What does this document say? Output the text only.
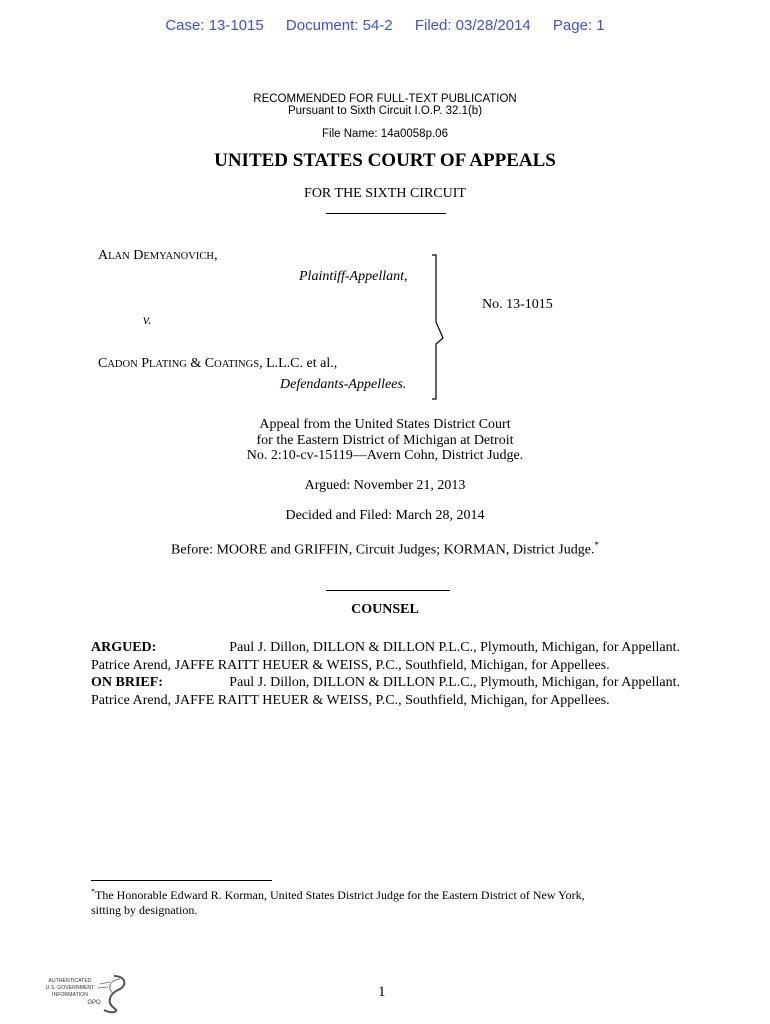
Case: 13-1015 Document: 54-2 Filed: 03/28/2014 Page: 1
RECOMMENDED FOR FULL-TEXT PUBLICATION
Pursuant to Sixth Circuit I.O.P. 32.1(b)
File Name: 14a0058p.06
UNITED STATES COURT OF APPEALS
FOR THE SIXTH CIRCUIT
ALAN DEMYANOVICH,
Plaintiff-Appellant,
v.
CADON PLATING & COATINGS, L.L.C. et al.,
Defendants-Appellees.
No. 13-1015
Appeal from the United States District Court
for the Eastern District of Michigan at Detroit
No. 2:10-cv-15119—Avern Cohn, District Judge.
Argued: November 21, 2013
Decided and Filed: March 28, 2014
Before: MOORE and GRIFFIN, Circuit Judges; KORMAN, District Judge.*
COUNSEL
ARGUED:	Paul J. Dillon, DILLON & DILLON P.L.C., Plymouth, Michigan, for Appellant.
Patrice Arend, JAFFE RAITT HEUER & WEISS, P.C., Southfield, Michigan, for Appellees.
ON BRIEF:	Paul J. Dillon, DILLON & DILLON P.L.C., Plymouth, Michigan, for Appellant.
Patrice Arend, JAFFE RAITT HEUER & WEISS, P.C., Southfield, Michigan, for Appellees.
*The Honorable Edward R. Korman, United States District Judge for the Eastern District of New York,
sitting by designation.
AUTHENTICATED
U.S. GOVERNMENT
INFORMATION
GPO
1
